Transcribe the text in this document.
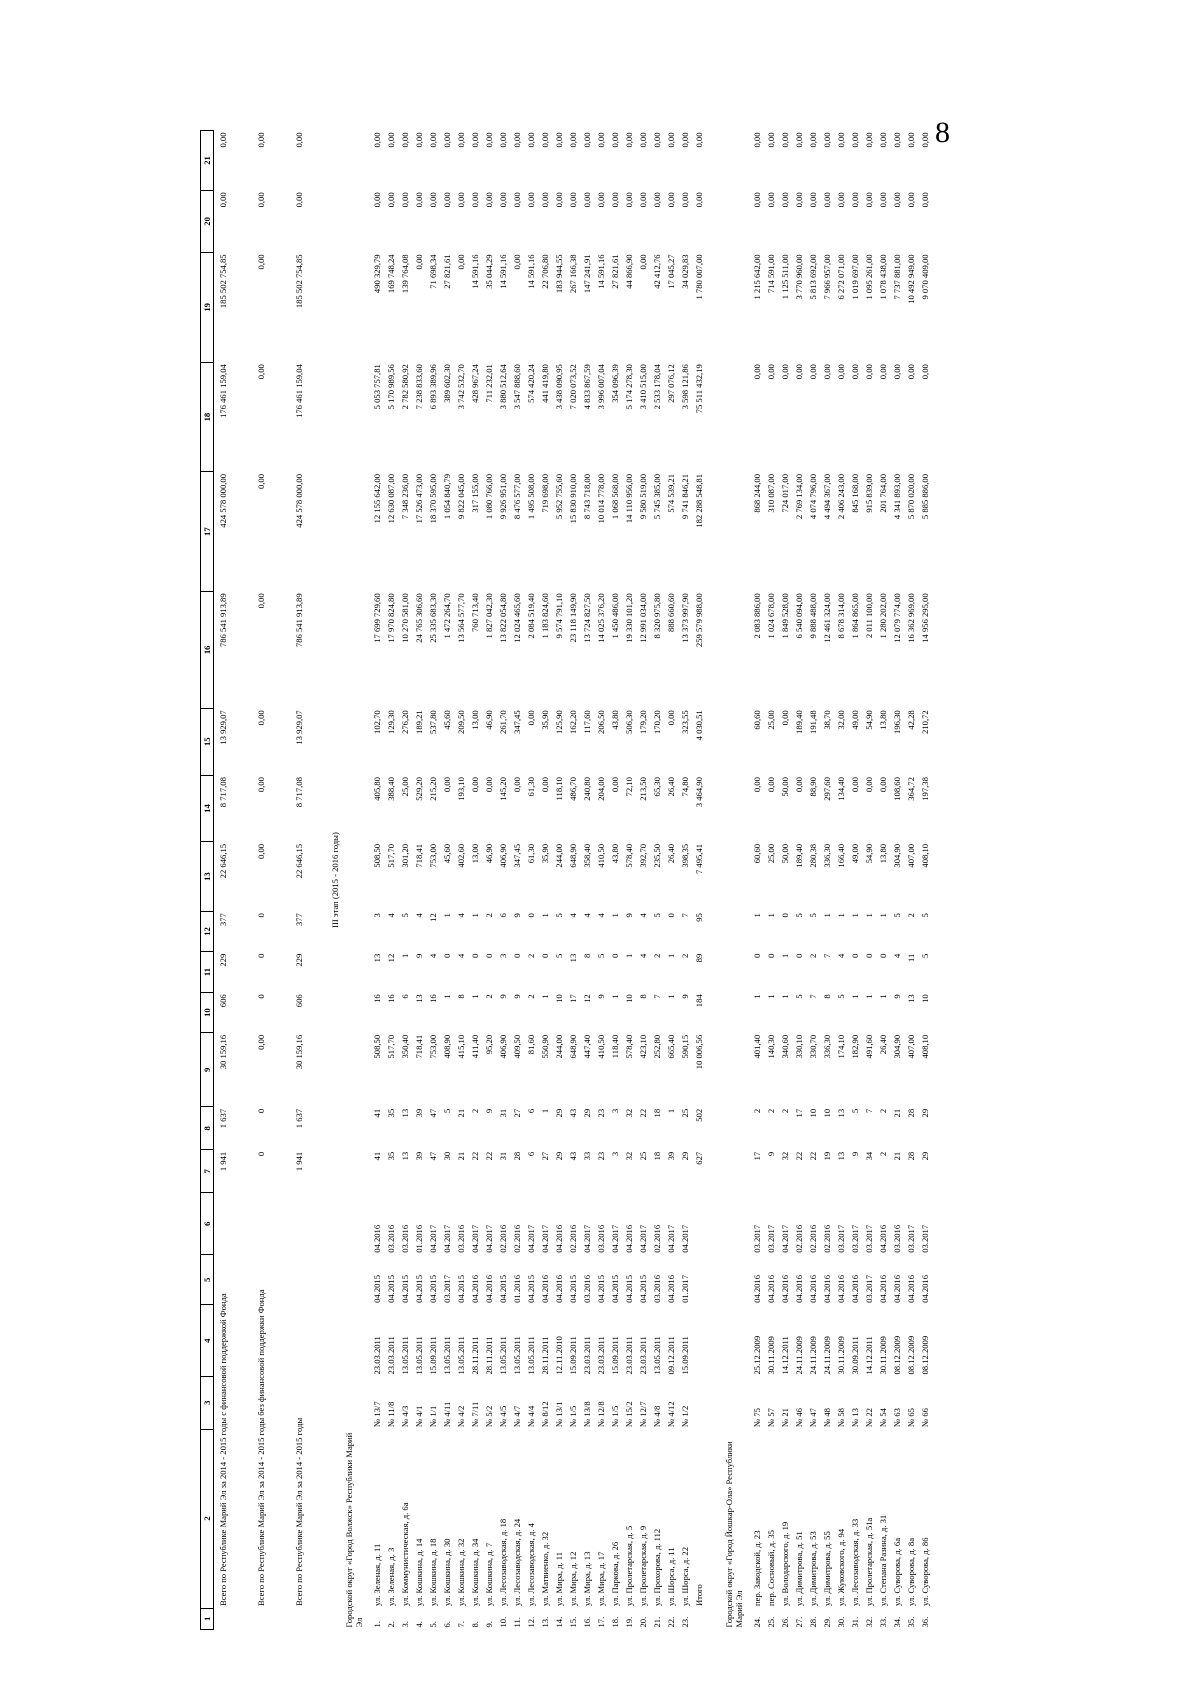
8
1	2	3	4	5	6	7	8	9	10	11	12	13	14	15	16	17	18	19	20	21
	Всего по Республике Марий Эл за 2014 - 2015 годы с финансовой поддержкой Фонда					1 941	1 637	30 159,16	606	229	377	22 646,15	8 717,08	13 929,07	786 541 913,89	424 578 000,00	176 461 159,04	185 502 754,85	0,00	0,00
	Всего по Республике Марий Эл за 2014 - 2015 годы без финансовой поддержки Фонда					0	0	0,00	0	0	0	0,00	0,00	0,00	0,00	0,00	0,00	0,00	0,00	0,00
	Всего по Республике Марий Эл за 2014 - 2015 годы					1 941	1 637	30 159,16	606	229	377	22 646,15	8 717,08	13 929,07	786 541 913,89	424 578 000,00	176 461 159,04	185 502 754,85	0,00	0,00
III этап (2015 - 2016 годы)																				
Городской округ «Город Волжск» Республики Марий Эл																				
1.	ул. Зеленая, д. 11	№ 13/7	23.03.2011	04.2015	04.2016	41	41	508,50	16	13	3	508,50	405,80	102,70	17 699 729,60	12 155 642,00	5 053 757,81	490 329,79	0,00	0,00
2.	ул. Зеленая, д. 3	№ 11/8	23.03.2011	04.2015	03.2016	35	35	517,70	16	12	4	517,70	388,40	129,30	17 970 824,80	12 630 087,00	5 170 989,56	169 748,24	0,00	0,00
3.	ул. Коммунистическая, д. 6а	№ 4/3	13.05.2011	04.2015	03.2016	13	13	350,40	6	1	5	301,20	25,00	276,20	10 270 581,00	7 348 236,00	2 782 580,92	139 764,08	0,00	0,00
4.	ул. Кошкина, д. 14	№ 4/1	13.05.2011	04.2015	01.2016	39	39	718,41	13	9	4	718,41	529,20	189,21	24 765 306,60	17 526 473,00	7 238 833,60	0,00	0,00	0,00
5.	ул. Кошкина, д. 18	№ 1/1	15.09.2011	04.2015	04.2017	47	47	753,00	16	4	12	753,00	215,20	537,80	25 335 683,30	18 370 595,00	6 893 389,96	71 698,34	0,00	0,00
6.	ул. Кошкина, д. 30	№ 4/11	13.05.2011	03.2017	04.2017	30	5	408,90	1	0	1	45,60	0,00	45,60	1 472 264,70	1 054 840,79	389 602,30	27 821,61	0,00	0,00
7.	ул. Кошкина, д. 32	№ 4/2	13.05.2011	04.2015	03.2016	21	21	415,10	8	4	4	402,60	193,10	209,50	13 564 577,70	9 822 045,00	3 742 532,70	0,00	0,00	0,00
8.	ул. Кошкина, д. 34	№ 7/11	28.11.2011	04.2016	04.2017	22	2	411,40	1	0	1	13,00	0,00	13,00	760 713,40	317 155,00	428 967,24	14 591,16	0,00	0,00
9.	ул. Кошкина, д. 7	№ 5/2	28.11.2011	04.2016	04.2017	22	9	95,20	2	0	2	46,90	0,00	46,90	1 827 042,30	1 080 766,00	711 232,01	35 044,29	0,00	0,00
10.	ул. Лесозаводская, д. 18	№ 4/5	13.05.2011	04.2015	02.2016	31	31	406,90	9	3	6	406,90	145,20	261,70	13 822 054,80	9 926 951,00	3 880 512,64	14 591,16	0,00	0,00
11.	ул. Лесозаводская, д. 24	№ 4/7	13.05.2011	01.2016	02.2016	28	27	409,50	9	0	9	347,45	0,00	347,45	12 024 465,60	8 476 577,00	3 547 888,60	0,00	0,00	0,00
12.	ул. Лесозаводская, д. 4	№ 4/4	13.05.2011	04.2015	04.2017	6	6	81,60	2	2	0	61,30	61,30	0,00	2 084 519,40	1 495 508,00	574 420,24	14 591,16	0,00	0,00
13.	ул. Матвиенко, д. 32	№ 8/12	28.11.2011	04.2016	04.2017	27	1	550,90	1	0	1	35,90	0,00	35,90	1 183 824,60	719 698,00	441 419,80	22 706,80	0,00	0,00
14.	ул. Мира, д. 11	№ 13/1	12.11.2010	04.2016	04.2016	29	29	244,00	10	5	5	244,00	118,10	125,90	9 574 791,10	5 952 755,60	3 438 090,95	183 944,55	0,00	0,00
15.	ул. Мира, д. 12	№ 1/5	15.09.2011	04.2015	02.2016	43	43	648,90	17	13	4	648,90	486,70	162,20	23 118 149,90	15 830 910,00	7 020 073,52	267 166,38	0,00	0,00
16.	ул. Мира, д. 13	№ 13/8	23.03.2011	03.2016	04.2017	33	29	447,40	12	8	4	358,40	240,80	117,60	13 724 827,50	8 743 718,00	4 833 867,59	147 241,91	0,00	0,00
17.	ул. Мира, д. 17	№ 12/8	23.03.2011	04.2015	03.2016	23	23	410,50	9	5	4	410,50	204,00	206,50	14 025 376,20	10 014 778,00	3 996 007,04	14 591,16	0,00	0,00
18.	ул. Паркова, д. 26	№ 1/5	15.09.2011	04.2015	04.2017	3	3	118,40	1	0	1	43,80	0,00	43,80	1 450 486,00	1 068 568,00	354 096,39	27 821,61	0,00	0,00
19.	ул. Пролетарская, д. 5	№ 15/2	23.03.2011	04.2015	04.2016	32	32	578,40	10	1	9	578,40	72,10	506,30	19 330 101,20	14 110 956,00	5 174 278,30	44 866,90	0,00	0,00
20.	ул. Пролетарская, д. 9	№ 12/7	23.03.2011	04.2015	04.2017	25	22	423,10	8	4	4	392,70	213,50	179,20	12 991 034,00	9 580 519,00	3 410 515,00	0,00	0,00	0,00
21.	ул. Прохорова, д. 112	№ 4/8	13.05.2011	03.2016	02.2016	18	18	252,80	7	2	5	235,50	65,30	170,20	8 320 975,80	5 745 385,00	2 533 178,04	42 412,76	0,00	0,00
22.	ул. Шорса, д. 11	№ 4/12	09.12.2011	04.2016	04.2017	39	1	665,40	1	1	0	26,40	26,40	0,00	888 660,60	574 539,21	297 076,12	17 045,27	0,00	0,00
23.	ул. Шорса, д. 22	№ 1/2	15.09.2011	01.2017	04.2017	29	25	590,15	9	2	7	398,35	74,80	323,55	13 373 997,90	9 741 846,21	3 598 121,86	34 029,83	0,00	0,00
	Итого					627	502	10 006,56	184	89	95	7 495,41	3 464,90	4 030,51	259 579 988,00	182 288 548,81	75 511 432,19	1 780 007,00	0,00	0,00

Городской округ «Город Йошкар-Ола» Республики Марий Эл																				
24.	пер. Заводской, д. 23	№ 75	25.12.2009	04.2016	03.2017	17	2	401,40	1	0	1	60,60	0,00	60,60	2 083 886,00	868 244,00	0,00	1 215 642,00	0,00	0,00
25.	пер. Сосновый, д. 35	№ 57	30.11.2009	04.2016	03.2017	9	2	140,30	1	0	1	25,00	0,00	25,00	1 024 678,00	310 087,00	0,00	714 591,00	0,00	0,00
26.	ул. Володарского, д. 19	№ 21	14.12.2011	04.2016	04.2017	32	2	340,60	1	1	0	50,00	50,00	0,00	1 849 528,00	724 017,00	0,00	1 125 511,00	0,00	0,00
27.	ул. Димитрова, д. 51	№ 46	24.11.2009	04.2016	02.2016	22	17	330,10	5	0	5	189,40	0,00	189,40	6 540 094,00	2 769 134,00	0,00	3 770 960,00	0,00	0,00
28.	ул. Димитрова, д. 53	№ 47	24.11.2009	04.2016	02.2016	22	10	330,70	7	2	5	280,38	88,90	191,48	9 888 488,00	4 074 796,00	0,00	5 813 692,00	0,00	0,00
29.	ул. Димитрова, д. 55	№ 48	24.11.2009	04.2016	02.2016	19	10	336,30	8	7	1	336,30	297,60	38,70	12 461 324,00	4 494 367,00	0,00	7 966 957,00	0,00	0,00
30.	ул. Жуковского, д. 94	№ 58	30.11.2009	04.2016	03.2017	13	13	174,10	5	4	1	166,40	134,40	32,00	8 678 314,00	2 406 243,00	0,00	6 272 071,00	0,00	0,00
31.	ул. Лесозаводская, д. 33	№ 13	30.09.2011	04.2016	03.2017	9	5	182,90	1	0	1	49,00	0,00	49,00	1 864 865,00	845 168,00	0,00	1 019 697,00	0,00	0,00
32.	ул. Пролетарская, д. 51а	№ 22	14.12.2011	03.2017	03.2017	34	7	491,60	1	0	1	54,90	0,00	54,90	2 011 100,00	915 839,00	0,00	1 095 261,00	0,00	0,00
33.	ул. Степана Разина, д. 31	№ 54	30.11.2009	04.2016	04.2016	2	2	26,40	1	0	1	13,80	0,00	13,80	1 280 202,00	201 764,00	0,00	1 078 438,00	0,00	0,00
34.	ул. Суворова, д. 6а	№ 63	08.12.2009	04.2016	03.2016	21	21	304,90	9	4	5	304,90	108,60	196,30	12 079 774,00	4 341 893,00	0,00	7 737 881,00	0,00	0,00
35.	ул. Суворова, д. 8а	№ 65	08.12.2009	04.2016	03.2017	28	28	407,00	13	11	2	407,00	364,72	42,28	16 362 969,00	5 870 020,00	0,00	10 492 949,00	0,00	0,00
36.	ул. Суворова, д. 86	№ 66	08.12.2009	04.2016	03.2017	29	29	408,10	10	5	5	408,10	197,38	210,72	14 956 295,00	5 885 886,00	0,00	9 070 409,00	0,00	0,00
